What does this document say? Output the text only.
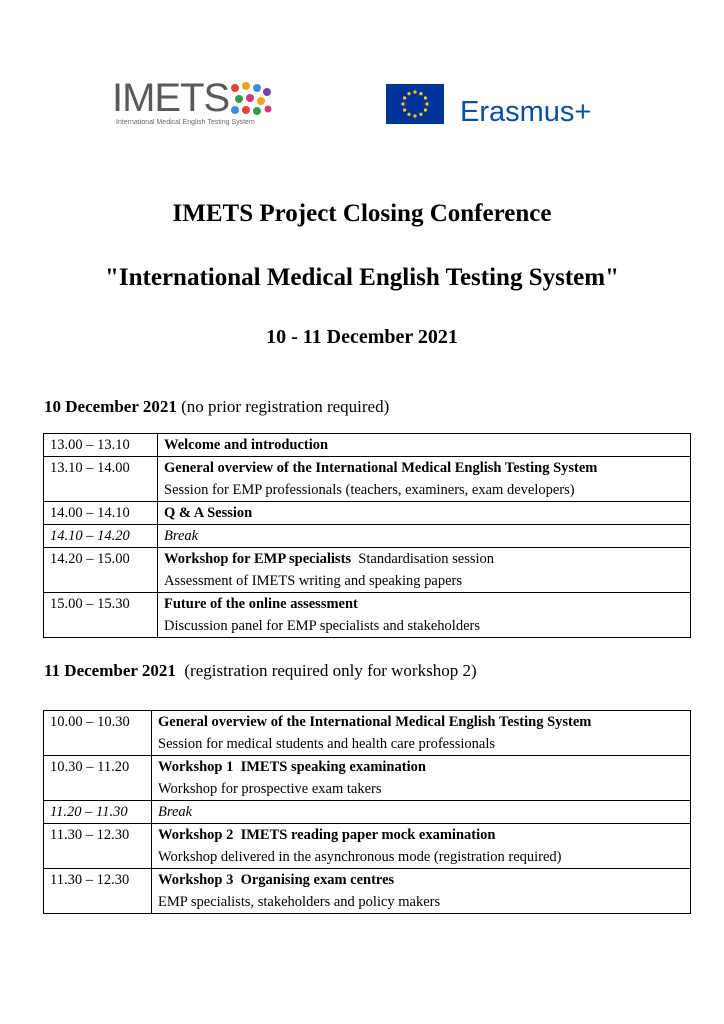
IMETS
International Medical English Testing System	Erasmus+
IMETS Project Closing Conference
"International Medical English Testing System"
10 - 11 December 2021
10 December 2021 (no prior registration required)
13.00 – 13.10	Welcome and introduction
13.10 – 14.00	General overview of the International Medical English Testing System
Session for EMP professionals (teachers, examiners, exam developers)

14.00 – 14.10	Q & A Session
14.10 – 14.20	Break
14.20 – 15.00	Workshop for EMP specialists  Standardisation session
Assessment of IMETS writing and speaking papers

15.00 – 15.30	Future of the online assessment
Discussion panel for EMP specialists and stakeholders
11 December 2021  (registration required only for workshop 2)
10.00 – 10.30	General overview of the International Medical English Testing System
Session for medical students and health care professionals

10.30 – 11.20	Workshop 1  IMETS speaking examination
Workshop for prospective exam takers

11.20 – 11.30	Break
11.30 – 12.30	Workshop 2  IMETS reading paper mock examination
Workshop delivered in the asynchronous mode (registration required)

11.30 – 12.30	Workshop 3  Organising exam centres
EMP specialists, stakeholders and policy makers
